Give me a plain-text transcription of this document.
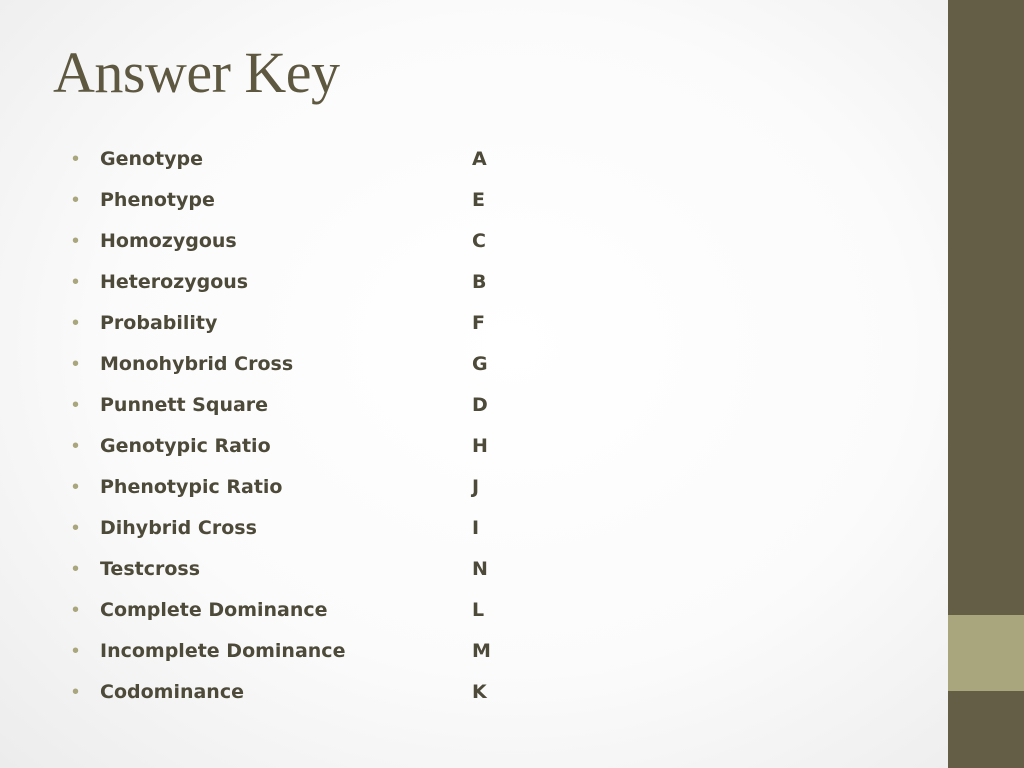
Answer Key
• Genotype	A
• Phenotype	E
• Homozygous	C
• Heterozygous	B
• Probability	F
• Monohybrid Cross	G
• Punnett Square	D
• Genotypic Ratio	H
• Phenotypic Ratio	J
• Dihybrid Cross	I
• Testcross	N
• Complete Dominance	L
• Incomplete Dominance	M
• Codominance	K
